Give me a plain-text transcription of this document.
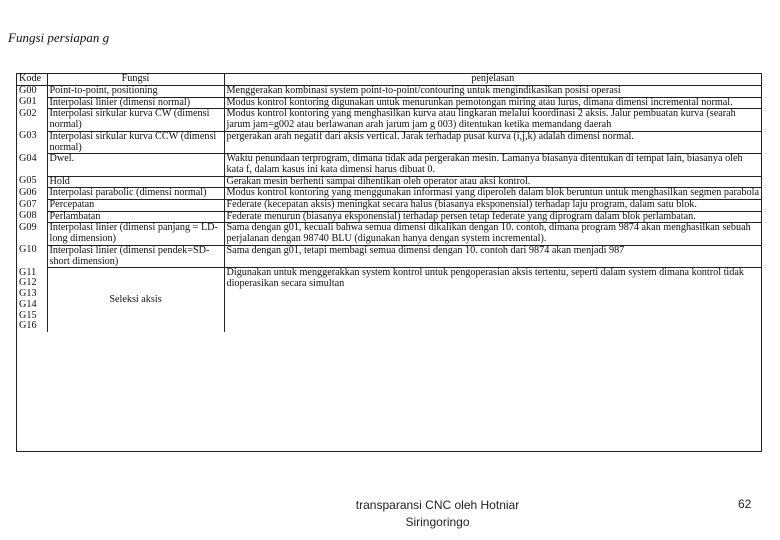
Fungsi persiapan g
Kode	Fungsi	penjelasan
G00	Point-to-point, positioning	Menggerakan kombinasi system point-to-point/contouring untuk mengindikasikan posisi operasi
G01	Interpolasi linier (dimensi normal)	Modus kontrol kontoring digunakan untuk menurunkan pemotongan miring atau lurus, dimana dimensi incremental normal.
G02	Interpolasi sirkular kurva CW (dimensi normal)	Modus kontrol kontoring yang menghasilkan kurva atau lingkaran melalui koordinasi 2 aksis. Jalur pembuatan kurva (searah jarum jam=g002 atau berlawanan arah jarum jam g 003) ditentukan ketika memandang daerah
G03	Interpolasi sirkular kurva CCW (dimensi normal)	pergerakan arah negatif dari aksis vertical. Jarak terhadap pusat kurva (i,j,k) adalah dimensi normal.
G04	Dwel.	Waktu penundaan terprogram, dimana tidak ada pergerakan mesin. Lamanya biasanya ditentukan di tempat lain, biasanya oleh kata f, dalam kasus ini kata dimensi harus dibuat 0.
G05	Hold	Gerakan mesin berhenti sampai dihentikan oleh operator atau aksi kontrol.
G06	Interpolasi parabolic (dimensi normal)	Modus kontrol kontoring yang menggunakan informasi yang diperoleh dalam blok beruntun untuk menghasilkan segmen parabola
G07	Percepatan	Federate (kecepatan aksis) meningkat secara halus (biasanya eksponensial) terhadap laju program, dalam satu blok.
G08	Perlambatan	Federate menurun (biasanya eksponensial) terhadap persen tetap federate yang diprogram dalam blok perlambatan.
G09	Interpolasi linier (dimensi panjang = LD-long dimension)	Sama dengan g01, kecuali bahwa semua dimensi dikalikan dengan 10. contoh, dimana program 9874 akan menghasilkan sebuah perjalanan dengan 98740 BLU (digunakan hanya dengan system incremental).
G10	Interpolasi linier (dimensi pendek=SD-short dimension)	Sama dengan g01, tetapi membagi semua dimensi dengan 10. contoh dari 9874 akan menjadi 987
G11	Seleksi aksis	Digunakan untuk menggerakkan system kontrol untuk pengoperasian aksis tertentu, seperti dalam system dimana kontrol tidak dioperasikan secara simultan
G12		
G13		
G14		
G15		
G16		
transparansi CNC oleh Hotniar
Siringoringo
62
